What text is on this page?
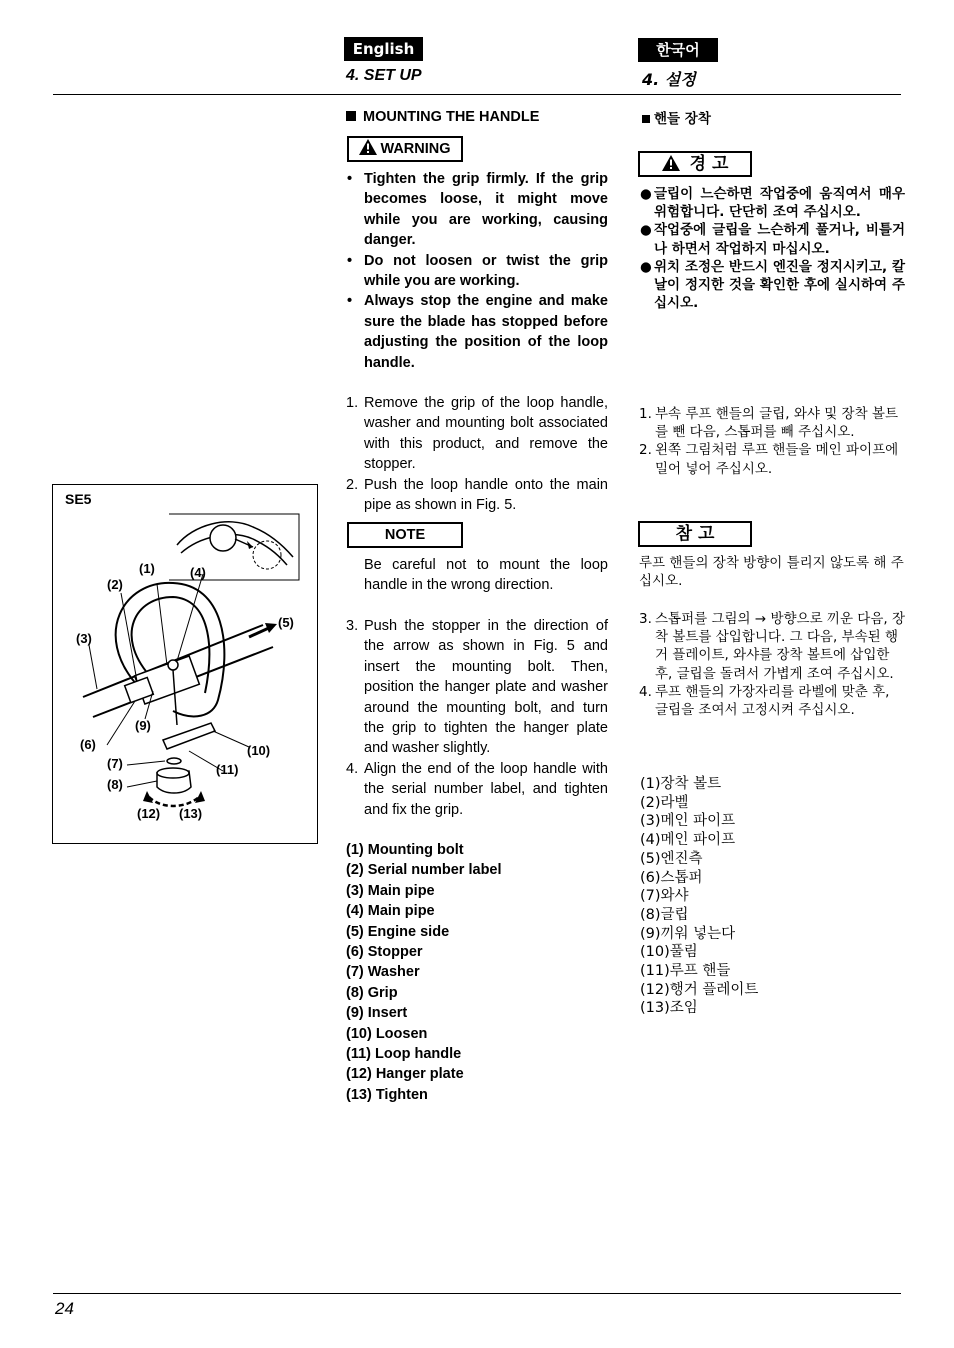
English	한국어
4. SET UP	4. 설정
MOUNTING THE HANDLE
WARNING
• Tighten the grip firmly. If the grip becomes loose, it might move while you are working, causing danger.
• Do not loosen or twist the grip while you are working.
• Always stop the engine and make sure the blade has stopped before adjusting the position of the loop handle.
1. Remove the grip of the loop handle, washer and mounting bolt associated with this product, and remove the stopper.
2. Push the loop handle onto the main pipe as shown in Fig. 5.
NOTE
Be careful not to mount the loop handle in the wrong direction.
3. Push the stopper in the direction of the arrow as shown in Fig. 5 and insert the mounting bolt. Then, position the hanger plate and washer around the mounting bolt, and turn the grip to tighten the hanger plate and washer slightly.
4. Align the end of the loop handle with the serial number label, and tighten and fix the grip.
(1) Mounting bolt
(2) Serial number label
(3) Main pipe
(4) Main pipe
(5) Engine side
(6) Stopper
(7) Washer
(8) Grip
(9) Insert
(10) Loosen
(11) Loop handle
(12) Hanger plate
(13) Tighten
핸들 장착
경 고
● 글립이 느슨하면 작업중에 움직여서 매우 위험합니다. 단단히 조여 주십시오.
● 작업중에 글립을 느슨하게 풀거나, 비틀거나 하면서 작업하지 마십시오.
● 위치 조정은 반드시 엔진을 정지시키고, 칼날이 정지한 것을 확인한 후에 실시하여 주십시오.
1. 부속 루프 핸들의 글립, 와샤 및 장착 볼트를 뺀 다음, 스톱퍼를 빼 주십시오.
2. 왼쪽 그림처럼 루프 핸들을 메인 파이프에 밀어 넣어 주십시오.
참 고
루프 핸들의 장착 방향이 틀리지 않도록 해 주십시오.
3. 스톱퍼를 그림의 → 방향으로 끼운 다음, 장착 볼트를 삽입합니다. 그 다음, 부속된 행거 플레이트, 와샤를 장착 볼트에 삽입한 후, 글립을 돌려서 가볍게 조여 주십시오.
4. 루프 핸들의 가장자리를 라벨에 맞춘 후, 글립을 조여서 고정시켜 주십시오.
(1)장착 볼트
(2)라벨
(3)메인 파이프
(4)메인 파이프
(5)엔진측
(6)스톱퍼
(7)와샤
(8)글립
(9)끼워 넣는다
(10)풀림
(11)루프 핸들
(12)행거 플레이트
(13)조임
SE5
(1)
(2)
(3)
(4)
(5)
(6)
(7)
(8)
(9)
(10)
(11)
(12) (13)
24
